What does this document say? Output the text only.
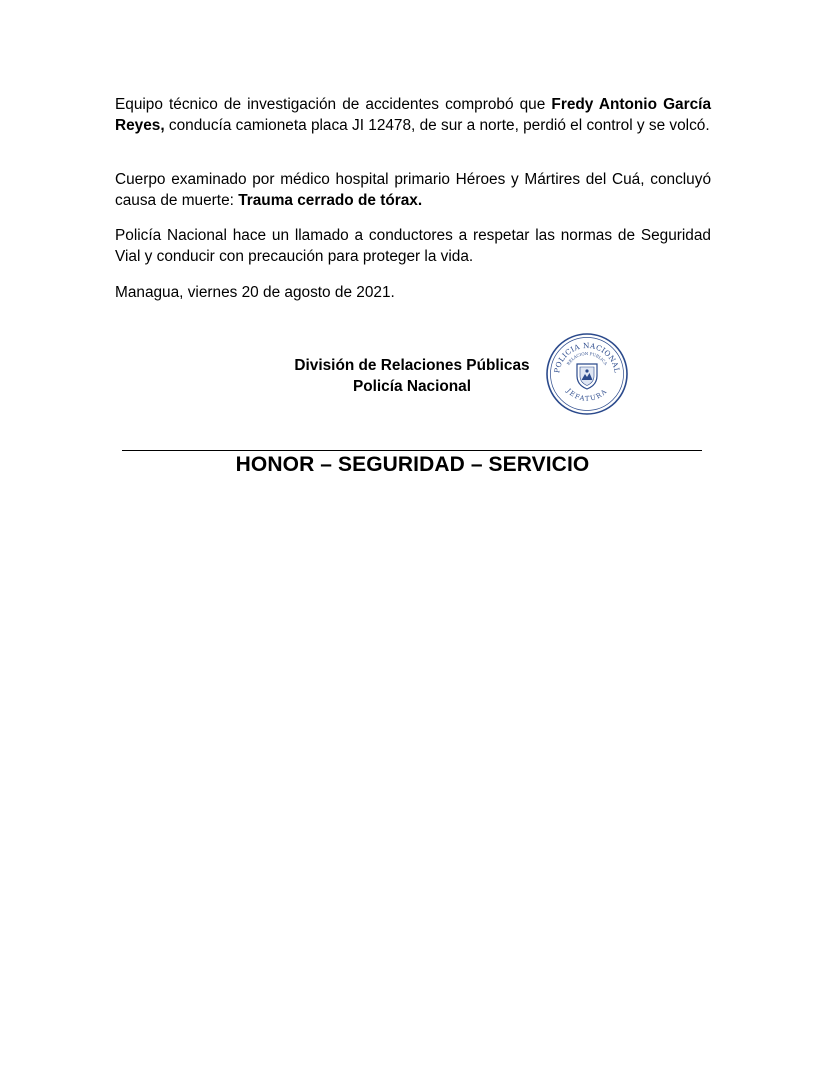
Equipo técnico de investigación de accidentes comprobó que Fredy Antonio García Reyes, conducía camioneta placa JI 12478, de sur a norte, perdió el control y se volcó.

Cuerpo examinado por médico hospital primario Héroes y Mártires del Cuá, concluyó causa de muerte: Trauma cerrado de tórax.

Policía Nacional hace un llamado a conductores a respetar las normas de Seguridad Vial y conducir con precaución para proteger la vida.

Managua, viernes 20 de agosto de 2021.

División de Relaciones Públicas
Policía Nacional
POLICIA NACIONAL
RELACION PUBLICA
JEFATURA
HONOR – SEGURIDAD – SERVICIO
